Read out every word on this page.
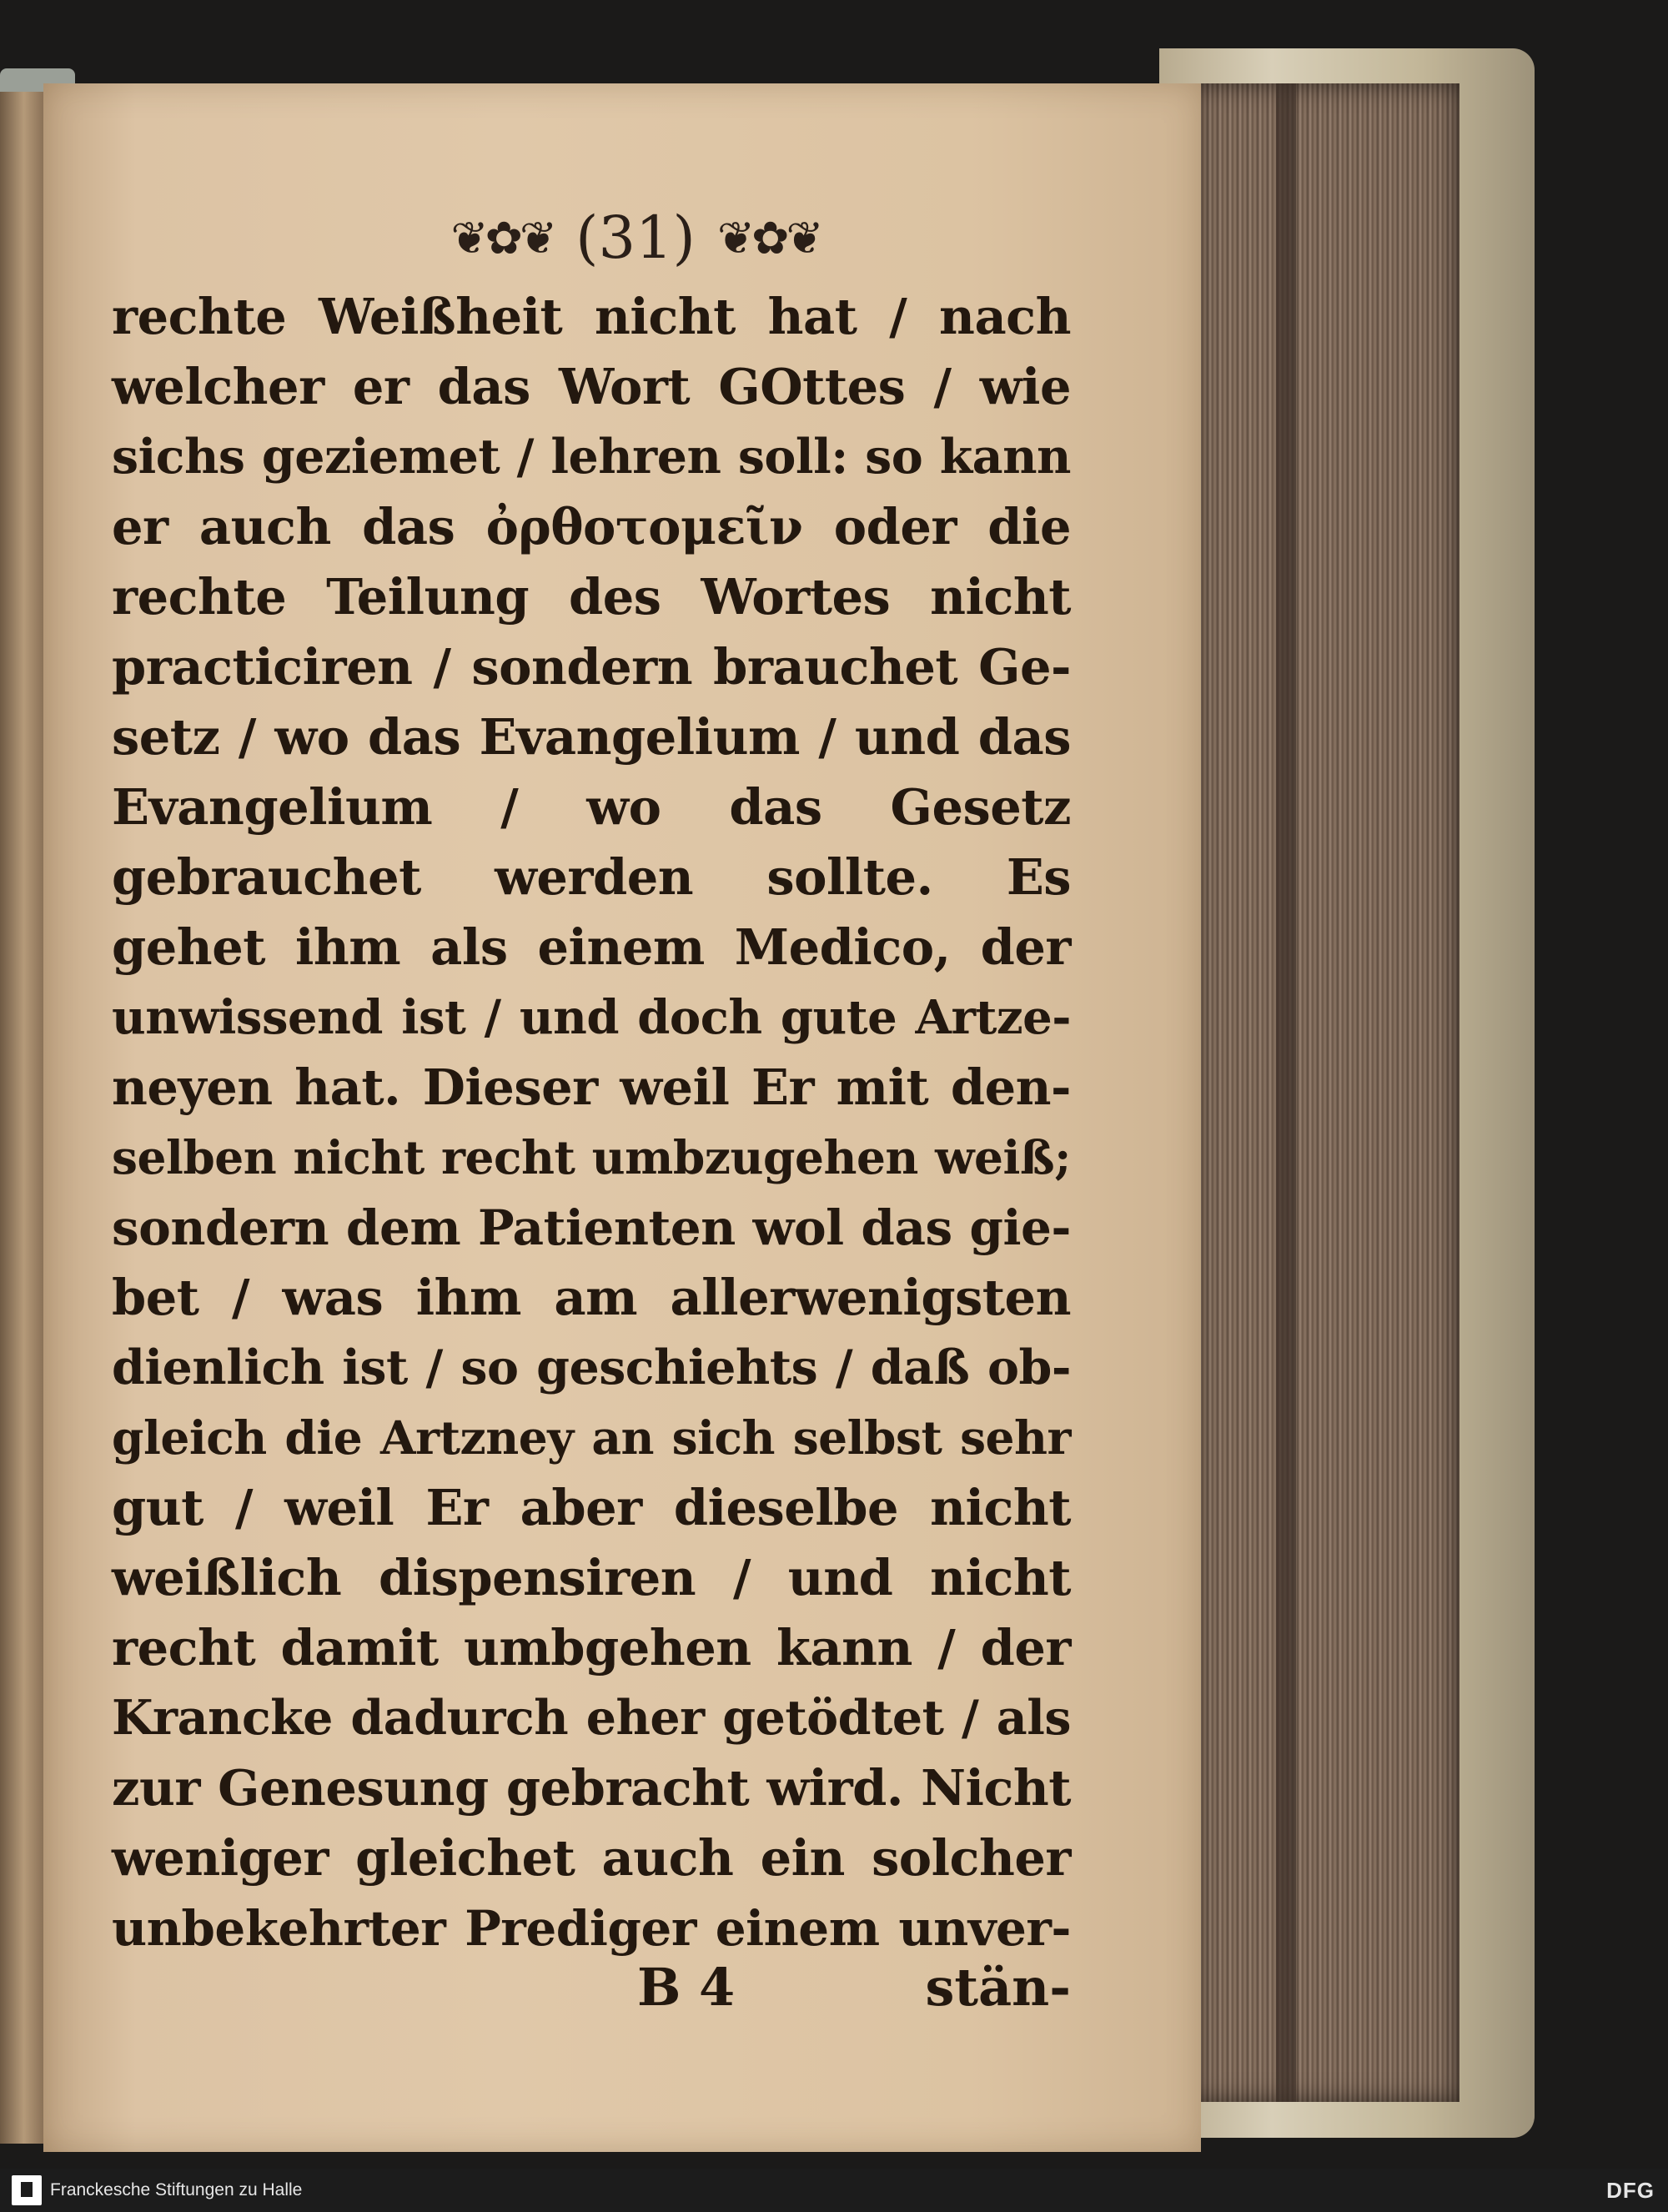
❦✿❦ (31) ❦✿❦
rechte Weißheit nicht hat / nach
welcher er das Wort GOttes / wie
sichs geziemet / lehren soll: so kann
er auch das ὀρθοτομεῖν oder die
rechte Teilung des Wortes nicht
practiciren / sondern brauchet Ge-
setz / wo das Evangelium / und das
Evangelium / wo das Gesetz
gebrauchet werden sollte. Es
gehet ihm als einem Medico, der
unwissend ist / und doch gute Artze-
neyen hat. Dieser weil Er mit den-
selben nicht recht umbzugehen weiß;
sondern dem Patienten wol das gie-
bet / was ihm am allerwenigsten
dienlich ist / so geschiehts / daß ob-
gleich die Artzney an sich selbst sehr
gut / weil Er aber dieselbe nicht
weißlich dispensiren / und nicht
recht damit umbgehen kann / der
Krancke dadurch eher getödtet / als
zur Genesung gebracht wird. Nicht
weniger gleichet auch ein solcher
unbekehrter Prediger einem unver-
B 4	stän-
Franckesche Stiftungen zu Halle	DFG
